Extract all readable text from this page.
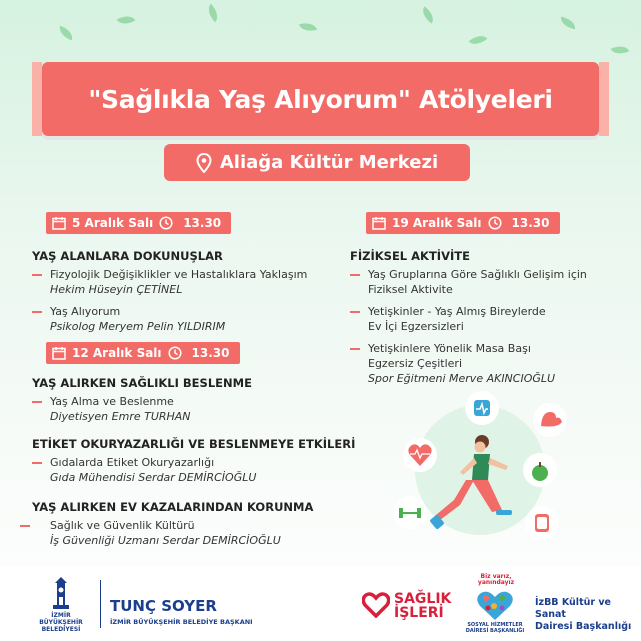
"Sağlıkla Yaş Alıyorum" Atölyeleri
Aliağa Kültür Merkezi
5 Aralık Salı	13.30
YAŞ ALANLARA DOKUNUŞLAR
Fizyolojik Değişiklikler ve Hastalıklara Yaklaşım
Hekim Hüseyin ÇETİNEL
Yaş Alıyorum
Psikolog Meryem Pelin YILDIRIM
12 Aralık Salı	13.30
YAŞ ALIRKEN SAĞLIKLI BESLENME
Yaş Alma ve Beslenme
Diyetisyen Emre TURHAN
ETİKET OKURYAZARLIĞI VE BESLENMEYE ETKİLERİ
Gıdalarda Etiket Okuryazarlığı
Gıda Mühendisi Serdar DEMİRCİOĞLU
YAŞ ALIRKEN EV KAZALARINDAN KORUNMA
Sağlık ve Güvenlik Kültürü
İş Güvenliği Uzmanı Serdar DEMİRCİOĞLU
19 Aralık Salı	13.30
FİZİKSEL AKTİVİTE
Yaş Gruplarına Göre Sağlıklı Gelişim için
Fiziksel Aktivite
Yetişkinler - Yaş Almış Bireylerde
Ev İçi Egzersizleri
Yetişkinlere Yönelik Masa Başı
Egzersiz Çeşitleri
Spor Eğitmeni Merve AKINCIOĞLU
İZMİR
BÜYÜKŞEHİR
BELEDİYESİ
TUNÇ SOYER
İZMİR BÜYÜKŞEHİR BELEDİYE BAŞKANI
SAĞLIK
İŞLERİ
Biz varız,
yanındayız
SOSYAL HİZMETLER
DAİRESİ BAŞKANLIĞI
İzBB Kültür ve Sanat
Dairesi Başkanlığı
